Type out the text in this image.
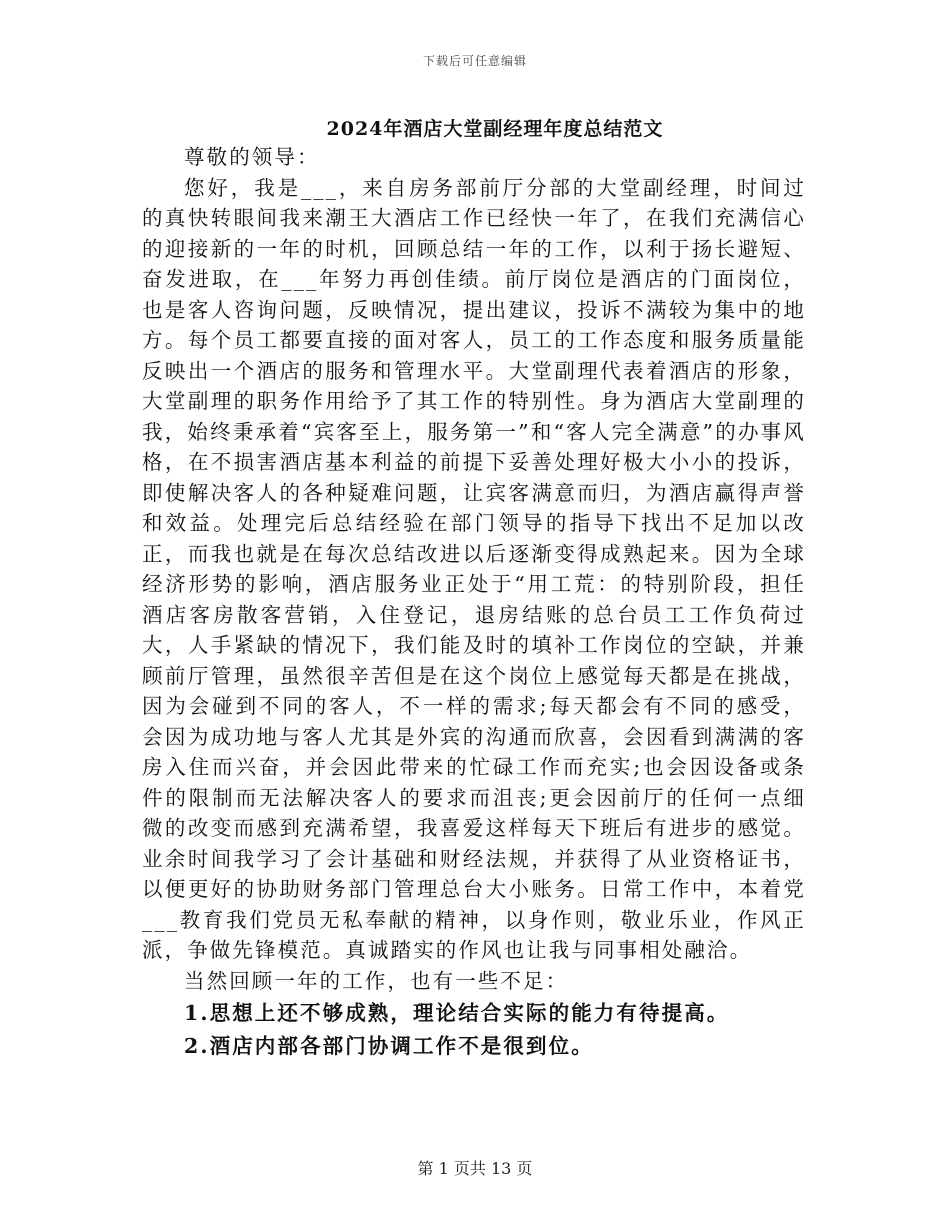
下载后可任意编辑
2024年酒店大堂副经理年度总结范文

尊敬的领导：

您好，我是___，来自房务部前厅分部的大堂副经理，时间过的真快转眼间我来潮王大酒店工作已经快一年了，在我们充满信心的迎接新的一年的时机，回顾总结一年的工作，以利于扬长避短、奋发进取，在___年努力再创佳绩。前厅岗位是酒店的门面岗位，也是客人咨询问题，反映情况，提出建议，投诉不满较为集中的地方。每个员工都要直接的面对客人，员工的工作态度和服务质量能反映出一个酒店的服务和管理水平。大堂副理代表着酒店的形象，大堂副理的职务作用给予了其工作的特别性。身为酒店大堂副理的我，始终秉承着“宾客至上，服务第一”和“客人完全满意”的办事风格，在不损害酒店基本利益的前提下妥善处理好极大小小的投诉，即使解决客人的各种疑难问题，让宾客满意而归，为酒店赢得声誉和效益。处理完后总结经验在部门领导的指导下找出不足加以改正，而我也就是在每次总结改进以后逐渐变得成熟起来。因为全球经济形势的影响，酒店服务业正处于“用工荒：的特别阶段，担任酒店客房散客营销，入住登记，退房结账的总台员工工作负荷过大，人手紧缺的情况下，我们能及时的填补工作岗位的空缺，并兼顾前厅管理，虽然很辛苦但是在这个岗位上感觉每天都是在挑战，因为会碰到不同的客人，不一样的需求;每天都会有不同的感受，会因为成功地与客人尤其是外宾的沟通而欣喜，会因看到满满的客房入住而兴奋，并会因此带来的忙碌工作而充实;也会因设备或条件的限制而无法解决客人的要求而沮丧;更会因前厅的任何一点细微的改变而感到充满希望，我喜爱这样每天下班后有进步的感觉。业余时间我学习了会计基础和财经法规，并获得了从业资格证书，以便更好的协助财务部门管理总台大小账务。日常工作中，本着党___教育我们党员无私奉献的精神，以身作则，敬业乐业，作风正派，争做先锋模范。真诚踏实的作风也让我与同事相处融洽。

当然回顾一年的工作，也有一些不足：

1.思想上还不够成熟，理论结合实际的能力有待提高。

2.酒店内部各部门协调工作不是很到位。

第 1 页共 13 页
